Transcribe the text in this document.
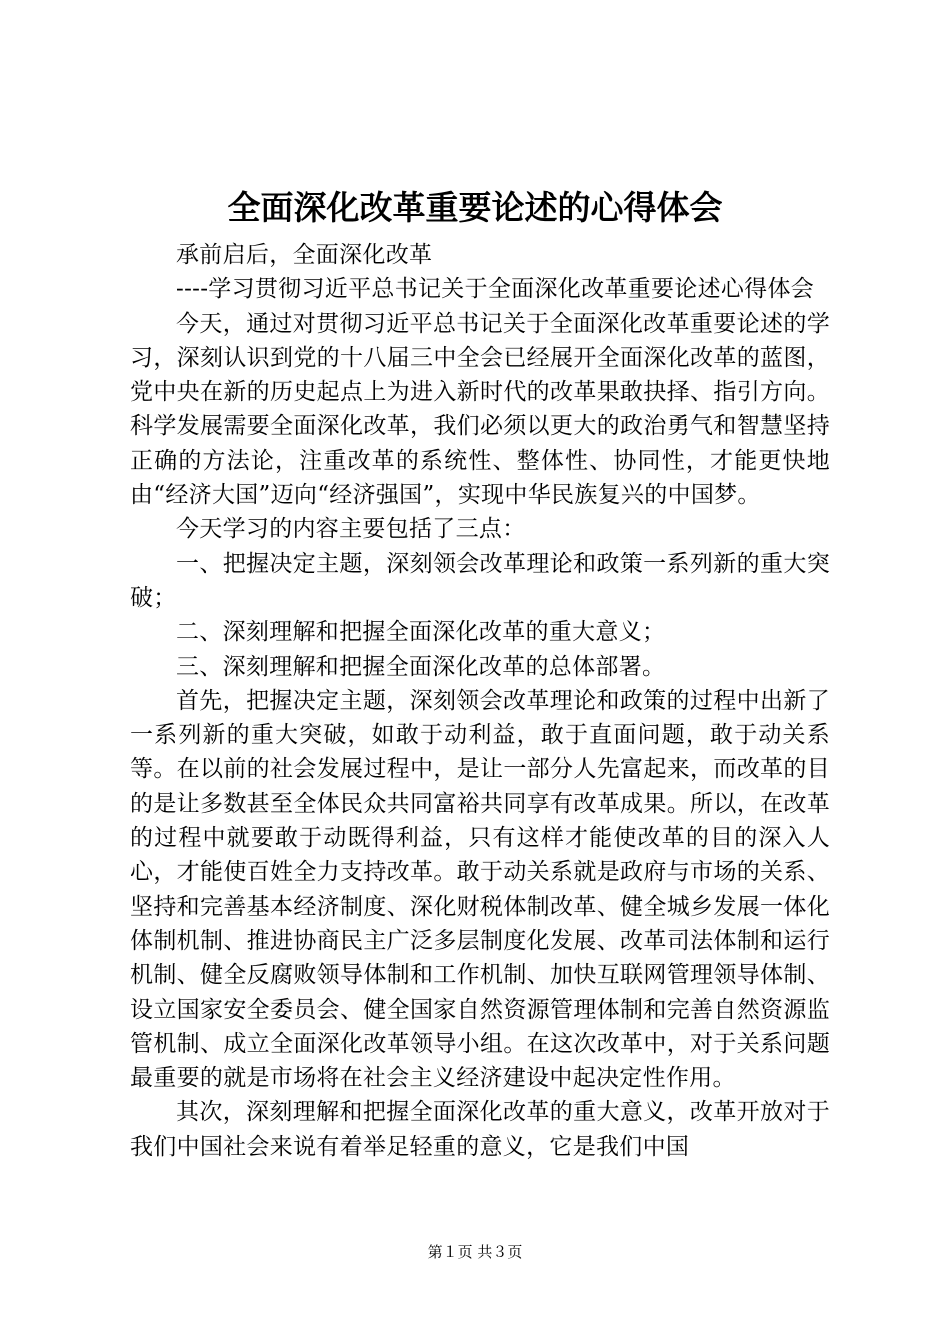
全面深化改革重要论述的心得体会

承前启后，全面深化改革

----学习贯彻习近平总书记关于全面深化改革重要论述心得体会

今天，通过对贯彻习近平总书记关于全面深化改革重要论述的学习，深刻认识到党的十八届三中全会已经展开全面深化改革的蓝图，党中央在新的历史起点上为进入新时代的改革果敢抉择、指引方向。科学发展需要全面深化改革，我们必须以更大的政治勇气和智慧坚持正确的方法论，注重改革的系统性、整体性、协同性，才能更快地由“经济大国”迈向“经济强国”，实现中华民族复兴的中国梦。

今天学习的内容主要包括了三点：

一、把握决定主题，深刻领会改革理论和政策一系列新的重大突破；

二、深刻理解和把握全面深化改革的重大意义；

三、深刻理解和把握全面深化改革的总体部署。

首先，把握决定主题，深刻领会改革理论和政策的过程中出新了一系列新的重大突破，如敢于动利益，敢于直面问题，敢于动关系等。在以前的社会发展过程中，是让一部分人先富起来，而改革的目的是让多数甚至全体民众共同富裕共同享有改革成果。所以，在改革的过程中就要敢于动既得利益，只有这样才能使改革的目的深入人心，才能使百姓全力支持改革。敢于动关系就是政府与市场的关系、坚持和完善基本经济制度、深化财税体制改革、健全城乡发展一体化体制机制、推进协商民主广泛多层制度化发展、改革司法体制和运行机制、健全反腐败领导体制和工作机制、加快互联网管理领导体制、设立国家安全委员会、健全国家自然资源管理体制和完善自然资源监管机制、成立全面深化改革领导小组。在这次改革中，对于关系问题最重要的就是市场将在社会主义经济建设中起决定性作用。

其次，深刻理解和把握全面深化改革的重大意义，改革开放对于我们中国社会来说有着举足轻重的意义，它是我们中国

第１页 共３页
